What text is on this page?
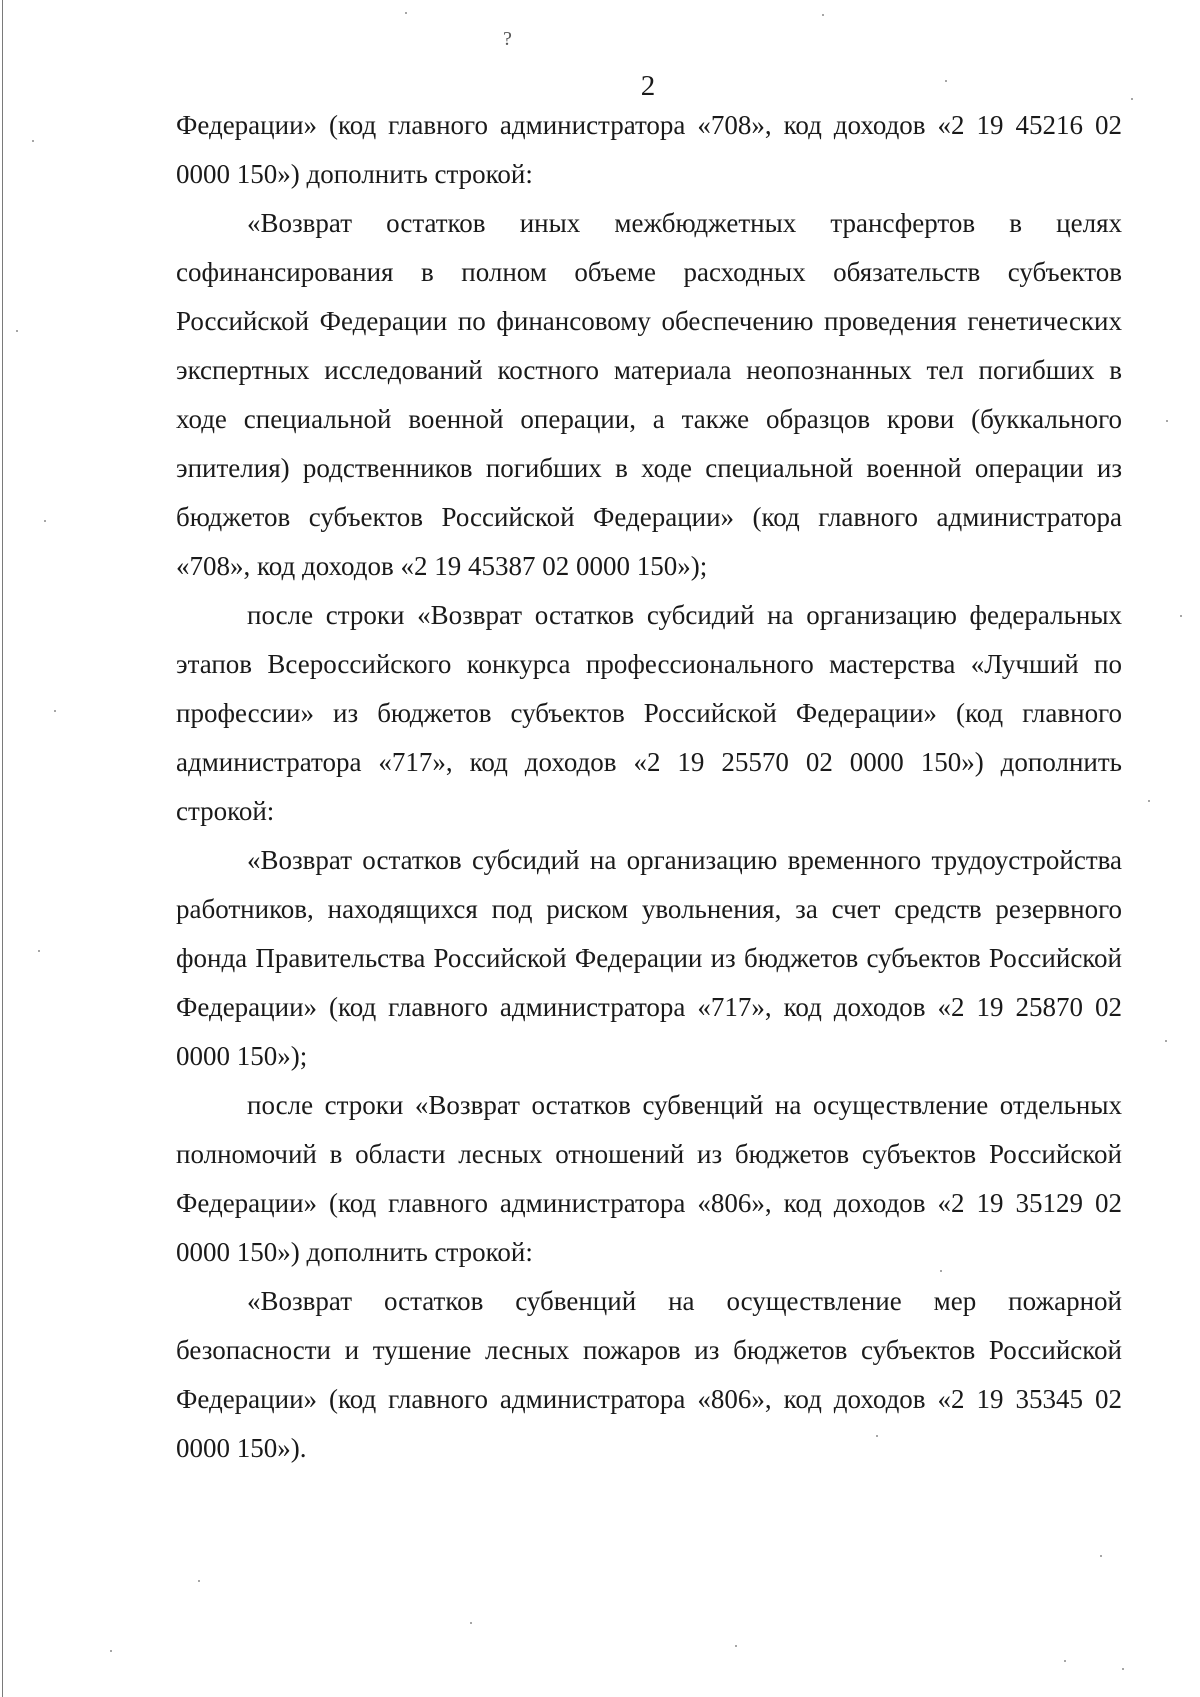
?
2

Федерации» (код главного администратора «708», код доходов «2 19 45216 02 0000 150») дополнить строкой:

«Возврат остатков иных межбюджетных трансфертов в целях софинансирования в полном объеме расходных обязательств субъектов Российской Федерации по финансовому обеспечению проведения генетических экспертных исследований костного материала неопознанных тел погибших в ходе специальной военной операции, а также образцов крови (буккального эпителия) родственников погибших в ходе специальной военной операции из бюджетов субъектов Российской Федерации» (код главного администратора «708», код доходов «2 19 45387 02 0000 150»);

после строки «Возврат остатков субсидий на организацию федеральных этапов Всероссийского конкурса профессионального мастерства «Лучший по профессии» из бюджетов субъектов Российской Федерации» (код главного администратора «717», код доходов «2 19 25570 02 0000 150») дополнить строкой:

«Возврат остатков субсидий на организацию временного трудоустройства работников, находящихся под риском увольнения, за счет средств резервного фонда Правительства Российской Федерации из бюджетов субъектов Российской Федерации» (код главного администратора «717», код доходов «2 19 25870 02 0000 150»);

после строки «Возврат остатков субвенций на осуществление отдельных полномочий в области лесных отношений из бюджетов субъектов Российской Федерации» (код главного администратора «806», код доходов «2 19 35129 02 0000 150») дополнить строкой:

«Возврат остатков субвенций на осуществление мер пожарной безопасности и тушение лесных пожаров из бюджетов субъектов Российской Федерации» (код главного администратора «806», код доходов «2 19 35345 02 0000 150»).
